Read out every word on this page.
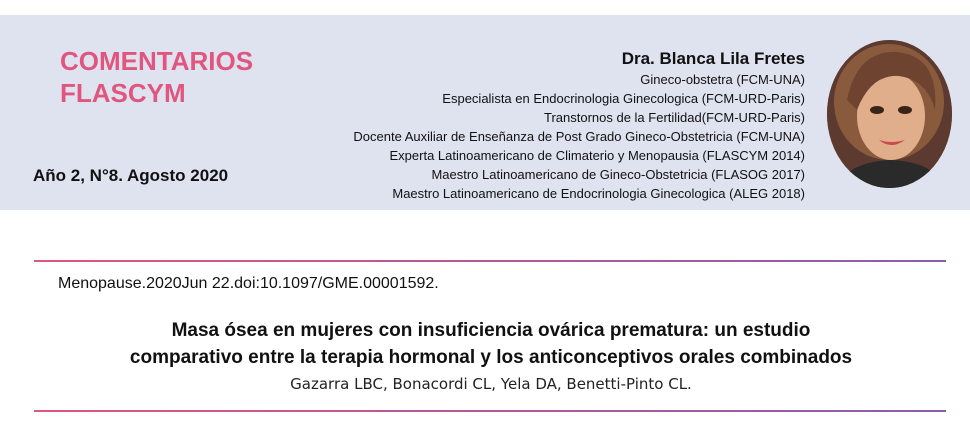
COMENTARIOS
FLASCYM
Año 2, N°8. Agosto 2020
Dra. Blanca Lila Fretes
Gineco-obstetra (FCM-UNA)
Especialista en Endocrinologia Ginecologica (FCM-URD-Paris)
Transtornos de la Fertilidad(FCM-URD-Paris)
Docente Auxiliar de Enseñanza de Post Grado Gineco-Obstetricia (FCM-UNA)
Experta Latinoamericano de Climaterio y Menopausia (FLASCYM 2014)
Maestro Latinoamericano de Gineco-Obstetricia (FLASOG 2017)
Maestro Latinoamericano de Endocrinologia Ginecologica (ALEG 2018)
Menopause.2020Jun 22.doi:10.1097/GME.00001592.
Masa ósea en mujeres con insuficiencia ovárica prematura: un estudio
comparativo entre la terapia hormonal y los anticonceptivos orales combinados
Gazarra LBC, Bonacordi CL, Yela DA, Benetti-Pinto CL.
